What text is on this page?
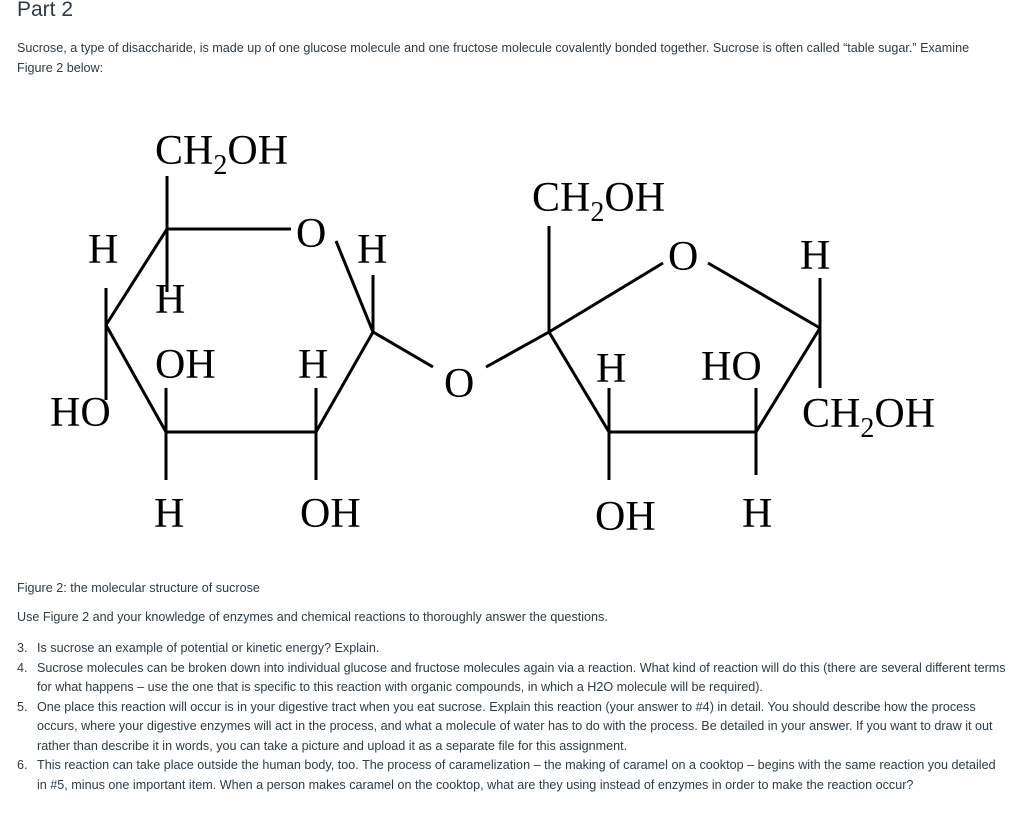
Part 2

Sucrose, a type of disaccharide, is made up of one glucose molecule and one fructose molecule covalently bonded together. Sucrose is often called “table sugar.” Examine Figure 2 below:

$CH_2OH$
O
H	H
H
OH H
HO
H	OH
O
$CH_2OH$
O H
H HO
$CH_2OH$
OH H

Figure 2: the molecular structure of sucrose

Use Figure 2 and your knowledge of enzymes and chemical reactions to thoroughly answer the questions.

3. Is sucrose an example of potential or kinetic energy? Explain.
4. Sucrose molecules can be broken down into individual glucose and fructose molecules again via a reaction. What kind of reaction will do this (there are several different terms for what happens – use the one that is specific to this reaction with organic compounds, in which a H2O molecule will be required).
5. One place this reaction will occur is in your digestive tract when you eat sucrose. Explain this reaction (your answer to #4) in detail. You should describe how the process occurs, where your digestive enzymes will act in the process, and what a molecule of water has to do with the process. Be detailed in your answer. If you want to draw it out rather than describe it in words, you can take a picture and upload it as a separate file for this assignment.
6. This reaction can take place outside the human body, too. The process of caramelization – the making of caramel on a cooktop – begins with the same reaction you detailed in #5, minus one important item. When a person makes caramel on the cooktop, what are they using instead of enzymes in order to make the reaction occur?
